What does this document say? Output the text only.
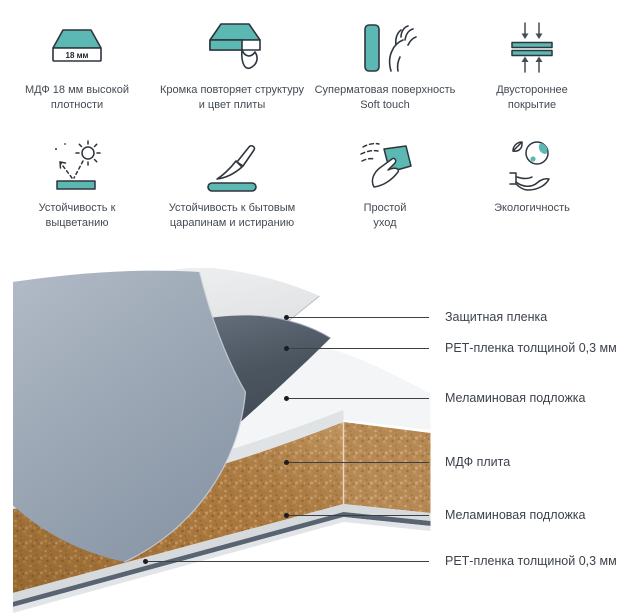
18 мм
МДФ 18 мм высокой плотности
Кромка повторяет структуру и цвет плиты
Суперматовая поверхность Soft touch
Двустороннее покрытие
Устойчивость к выцветанию
Устойчивость к бытовым царапинам и истиранию
Простой уход
Экологичность
Защитная пленка
РЕТ-пленка толщиной 0,3 мм
Меламиновая подложка
МДФ плита
Меламиновая подложка
РЕТ-пленка толщиной 0,3 мм
